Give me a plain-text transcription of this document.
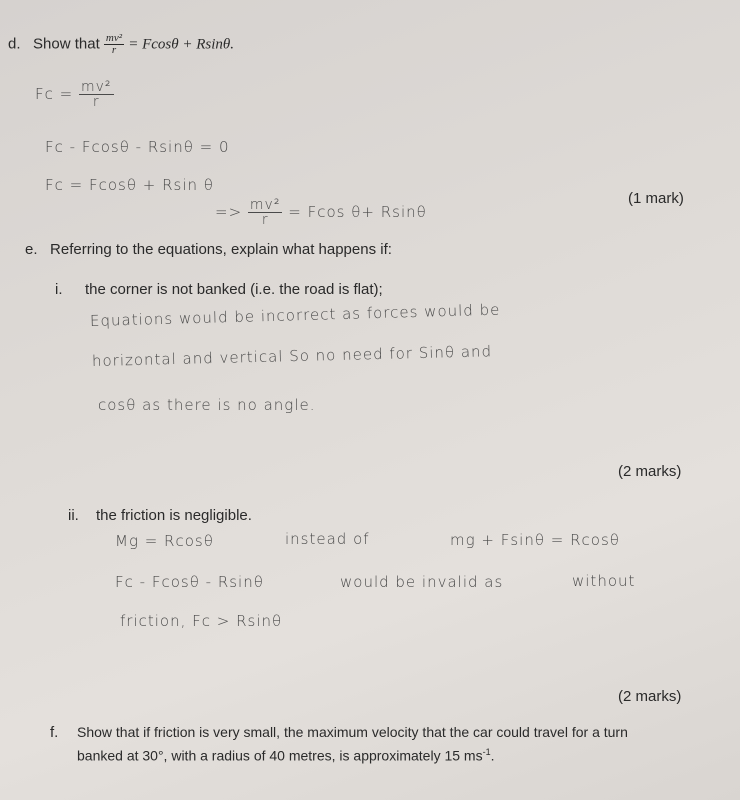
d. Show that $\frac{\text{mv²}}{r} = Fcos\theta + Rsin\theta$.
$Fc = \frac{\text{mv²}}{r}$
Fc - Fcosθ - Rsinθ = 0
Fc = Fcosθ + Rsin θ
=> $\frac{\text{mv²}}{r} = Fcos$ θ+ Rsinθ
(1 mark)
e. Referring to the equations, explain what happens if:
i. the corner is not banked (i.e. the road is flat);
Equations would be incorrect as forces would be
horizontal and vertical So no need for Sinθ and
cosθ as there is no angle.
(2 marks)
ii. the friction is negligible.
Mg = Rcosθ	instead of	mg + Fsinθ = Rcosθ
Fc - Fcosθ - Rsinθ	would be invalid as	without
friction, Fc > Rsinθ
(2 marks)
f. Show that if friction is very small, the maximum velocity that the car could travel for a turn
banked at 30°, with a radius of 40 metres, is approximately 15 $ms^{-1}$.
